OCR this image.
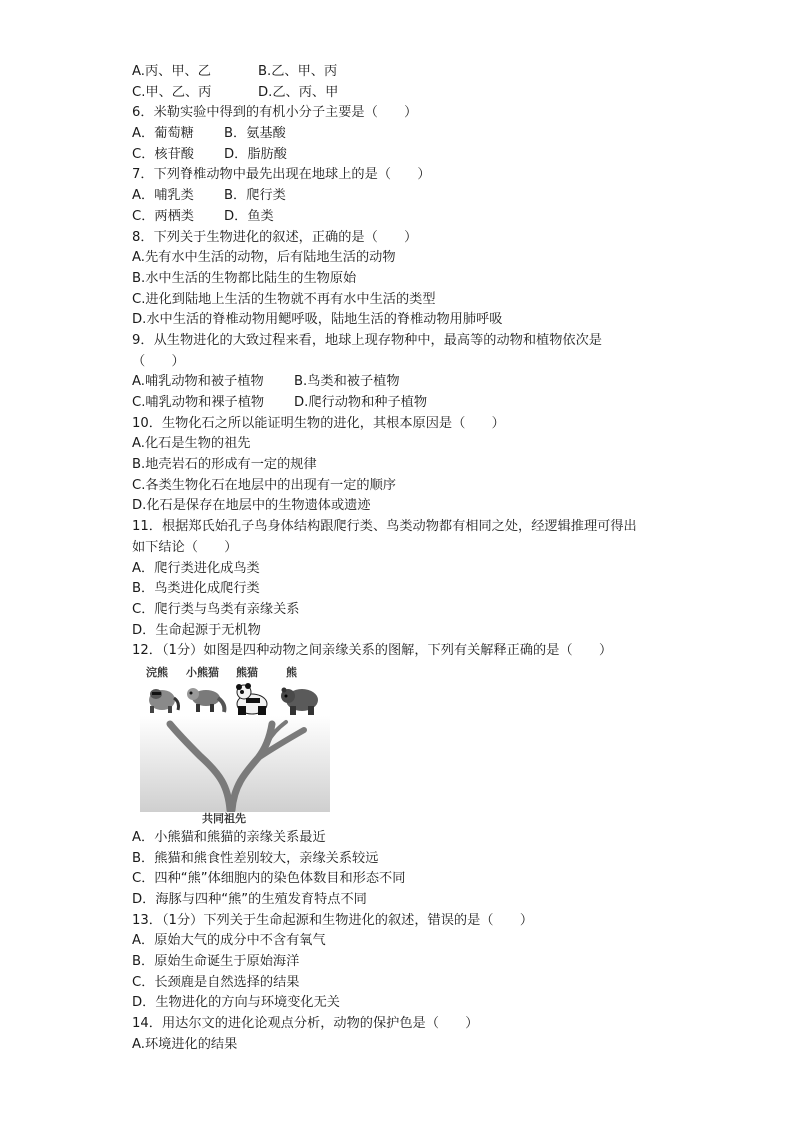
A.丙、甲、乙	B.乙、甲、丙
C.甲、乙、丙	D.乙、丙、甲
6．米勒实验中得到的有机小分子主要是（　　）
A．葡萄糖	B．氨基酸
C．核苷酸	D．脂肪酸
7．下列脊椎动物中最先出现在地球上的是（　　）
A．哺乳类	B．爬行类
C．两栖类	D．鱼类
8．下列关于生物进化的叙述，正确的是（　　）
A.先有水中生活的动物，后有陆地生活的动物
B.水中生活的生物都比陆生的生物原始
C.进化到陆地上生活的生物就不再有水中生活的类型
D.水中生活的脊椎动物用鳃呼吸，陆地生活的脊椎动物用肺呼吸
9．从生物进化的大致过程来看，地球上现存物种中，最高等的动物和植物依次是
（　　）
A.哺乳动物和被子植物	B.鸟类和被子植物
C.哺乳动物和裸子植物	D.爬行动物和种子植物
10．生物化石之所以能证明生物的进化，其根本原因是（　　）
A.化石是生物的祖先
B.地壳岩石的形成有一定的规律
C.各类生物化石在地层中的出现有一定的顺序
D.化石是保存在地层中的生物遗体或遗迹
11．根据郑氏始孔子鸟身体结构跟爬行类、鸟类动物都有相同之处，经逻辑推理可得出
如下结论（　　）
A．爬行类进化成鸟类
B．鸟类进化成爬行类
C．爬行类与鸟类有亲缘关系
D．生命起源于无机物
12．（1分）如图是四种动物之间亲缘关系的图解，下列有关解释正确的是（　　）
浣熊 小熊猫 熊猫	熊
共同祖先
A．小熊猫和熊猫的亲缘关系最近
B．熊猫和熊食性差别较大，亲缘关系较远
C．四种“熊”体细胞内的染色体数目和形态不同
D．海豚与四种“熊”的生殖发育特点不同
13．（1分）下列关于生命起源和生物进化的叙述，错误的是（　　）
A．原始大气的成分中不含有氧气
B．原始生命诞生于原始海洋
C．长颈鹿是自然选择的结果
D．生物进化的方向与环境变化无关
14．用达尔文的进化论观点分析，动物的保护色是（　　）
A.环境进化的结果
